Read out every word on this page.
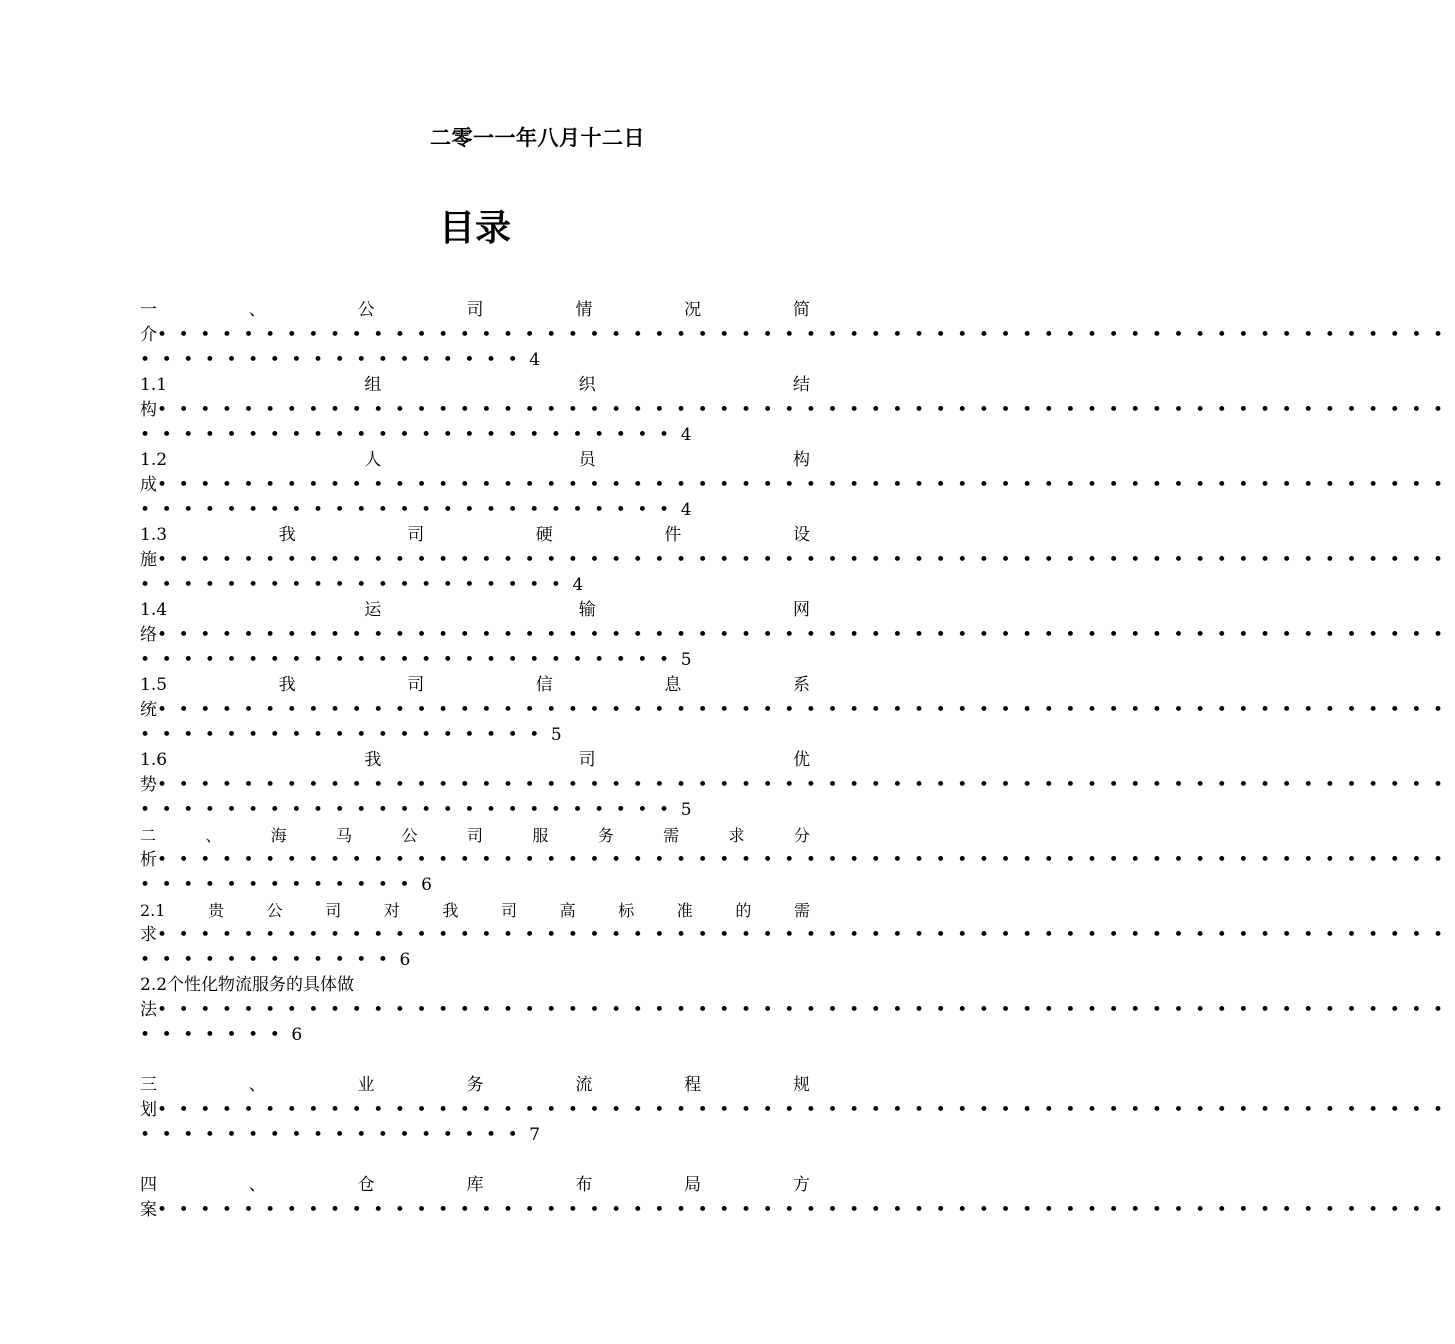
二零一一年八月十二日
目录
一	、	公	司	情	况	简
介 ••••••••••••••••••••••••••••••••••••••••••••••••••••••••••••
••••••••••••••••••4
1.1	组	织	结
构 ••••••••••••••••••••••••••••••••••••••••••••••••••••••••••••
•••••••••••••••••••••••••4
1.2	人	员	构
成 ••••••••••••••••••••••••••••••••••••••••••••••••••••••••••••
•••••••••••••••••••••••••4
1.3	我	司	硬	件	设
施 ••••••••••••••••••••••••••••••••••••••••••••••••••••••••••••
••••••••••••••••••••4
1.4	运	输	网
络 ••••••••••••••••••••••••••••••••••••••••••••••••••••••••••••
•••••••••••••••••••••••••5
1.5	我	司	信	息	系
统 ••••••••••••••••••••••••••••••••••••••••••••••••••••••••••••
•••••••••••••••••••5
1.6	我	司	优
势 ••••••••••••••••••••••••••••••••••••••••••••••••••••••••••••
•••••••••••••••••••••••••5
二	、	海	马	公	司	服	务	需	求	分
析 ••••••••••••••••••••••••••••••••••••••••••••••••••••••••••••
•••••••••••••6
2.1	贵	公	司	对	我	司	高	标	准	的	需
求 ••••••••••••••••••••••••••••••••••••••••••••••••••••••••••••
••••••••••••6
2.2个性化物流服务的具体做
法 ••••••••••••••••••••••••••••••••••••••••••••••••••••••••••••
•••••••6
三	、	业	务	流	程	规
划 ••••••••••••••••••••••••••••••••••••••••••••••••••••••••••••
••••••••••••••••••7
四	、	仓	库	布	局	方
案 ••••••••••••••••••••••••••••••••••••••••••••••••••••••••••••
